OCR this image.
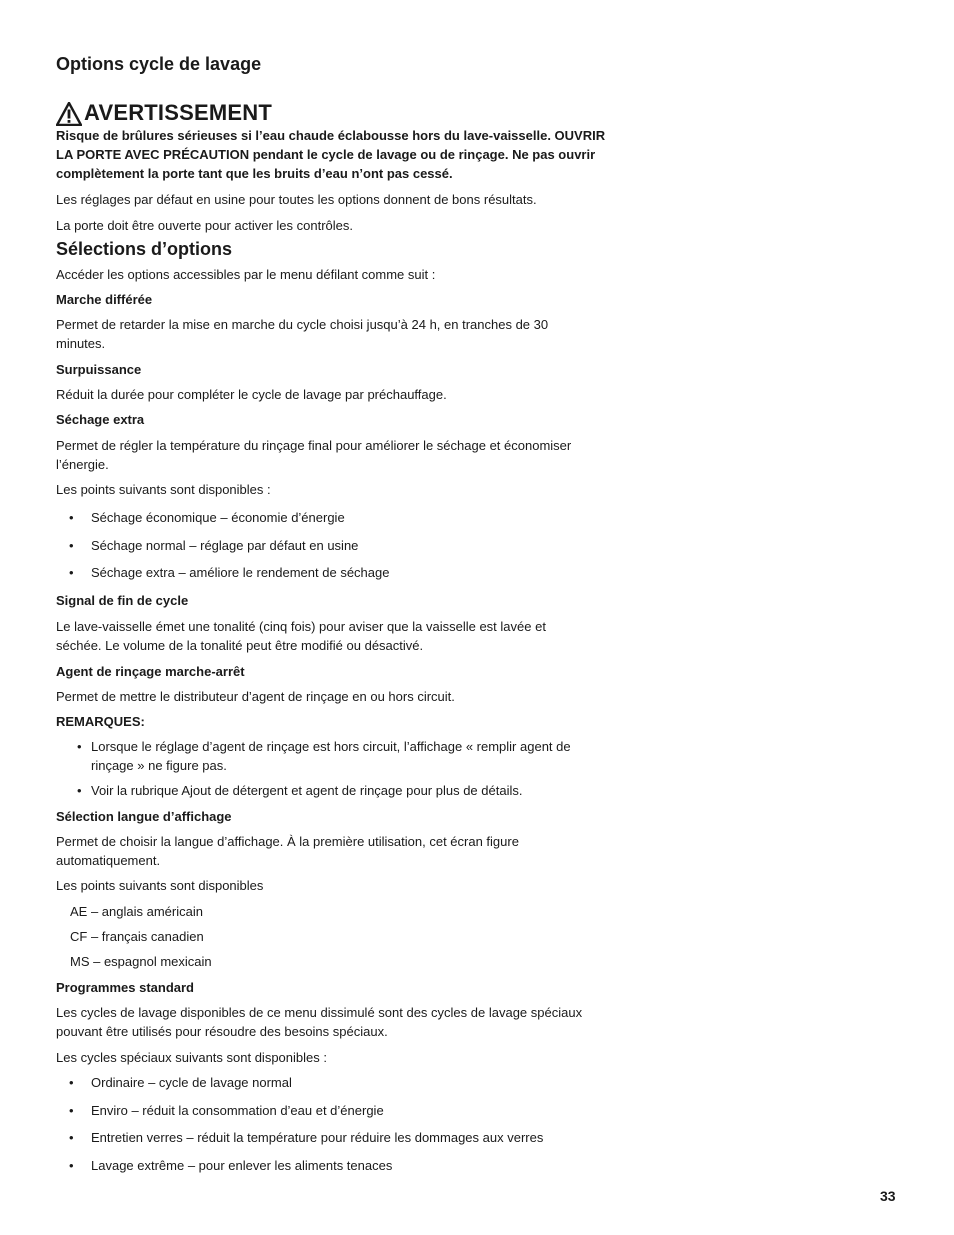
Options cycle de lavage
AVERTISSEMENT

Risque de brûlures sérieuses si l’eau chaude éclabousse hors du lave-vaisselle. OUVRIR

LA PORTE AVEC PRÉCAUTION pendant le cycle de lavage ou de rinçage. Ne pas ouvrir

complètement la porte tant que les bruits d’eau n’ont pas cessé.

Les réglages par défaut en usine pour toutes les options donnent de bons résultats.

La porte doit être ouverte pour activer les contrôles.

Sélections d’options

Accéder les options accessibles par le menu défilant comme suit :

Marche différée

Permet de retarder la mise en marche du cycle choisi jusqu’à 24 h, en tranches de 30

minutes.

Surpuissance

Réduit la durée pour compléter le cycle de lavage par préchauffage.

Séchage extra

Permet de régler la température du rinçage final pour améliorer le séchage et économiser

l’énergie.

Les points suivants sont disponibles :

• Séchage économique – économie d’énergie
• Séchage normal – réglage par défaut en usine
• Séchage extra – améliore le rendement de séchage
Signal de fin de cycle

Le lave-vaisselle émet une tonalité (cinq fois) pour aviser que la vaisselle est lavée et

séchée. Le volume de la tonalité peut être modifié ou désactivé.

Agent de rinçage marche-arrêt

Permet de mettre le distributeur d’agent de rinçage en ou hors circuit.

REMARQUES:
• Lorsque le réglage d’agent de rinçage est hors circuit, l’affichage « remplir agent de
rinçage » ne figure pas.
• Voir la rubrique Ajout de détergent et agent de rinçage pour plus de détails.
Sélection langue d’affichage

Permet de choisir la langue d’affichage. À la première utilisation, cet écran figure

automatiquement.

Les points suivants sont disponibles

AE – anglais américain

CF – français canadien

MS – espagnol mexicain

Programmes standard

Les cycles de lavage disponibles de ce menu dissimulé sont des cycles de lavage spéciaux

pouvant être utilisés pour résoudre des besoins spéciaux.

Les cycles spéciaux suivants sont disponibles :

• Ordinaire – cycle de lavage normal
• Enviro – réduit la consommation d’eau et d’énergie
• Entretien verres – réduit la température pour réduire les dommages aux verres
• Lavage extrême – pour enlever les aliments tenaces
33
